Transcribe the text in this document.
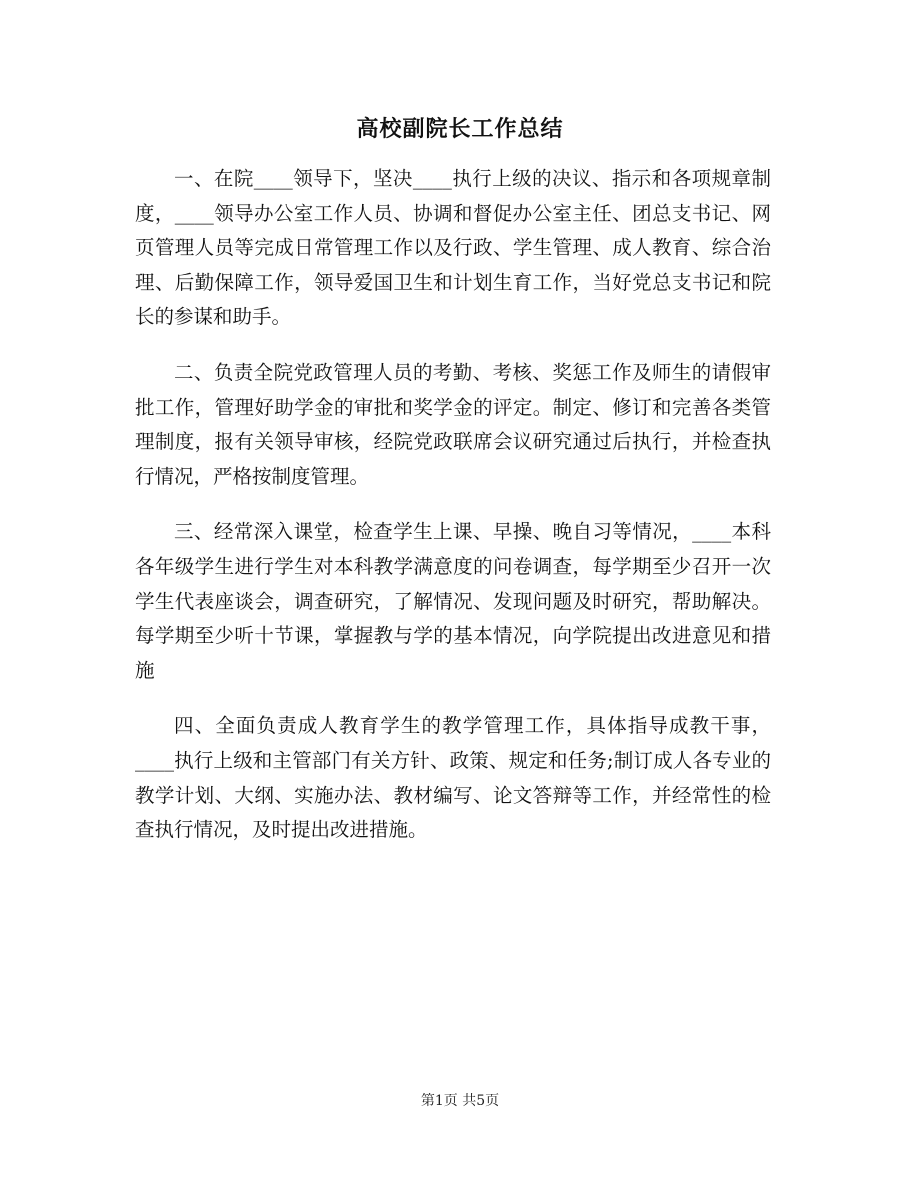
高校副院长工作总结

一、在院____领导下，坚决____执行上级的决议、指示和各项规章制度，____领导办公室工作人员、协调和督促办公室主任、团总支书记、网页管理人员等完成日常管理工作以及行政、学生管理、成人教育、综合治理、后勤保障工作，领导爱国卫生和计划生育工作，当好党总支书记和院长的参谋和助手。

二、负责全院党政管理人员的考勤、考核、奖惩工作及师生的请假审批工作，管理好助学金的审批和奖学金的评定。制定、修订和完善各类管理制度，报有关领导审核，经院党政联席会议研究通过后执行，并检查执行情况，严格按制度管理。

三、经常深入课堂，检查学生上课、早操、晚自习等情况，____本科各年级学生进行学生对本科教学满意度的问卷调查，每学期至少召开一次学生代表座谈会，调查研究，了解情况、发现问题及时研究，帮助解决。每学期至少听十节课，掌握教与学的基本情况，向学院提出改进意见和措施

四、全面负责成人教育学生的教学管理工作，具体指导成教干事，____执行上级和主管部门有关方针、政策、规定和任务;制订成人各专业的教学计划、大纲、实施办法、教材编写、论文答辩等工作，并经常性的检查执行情况，及时提出改进措施。

第1页 共5页
